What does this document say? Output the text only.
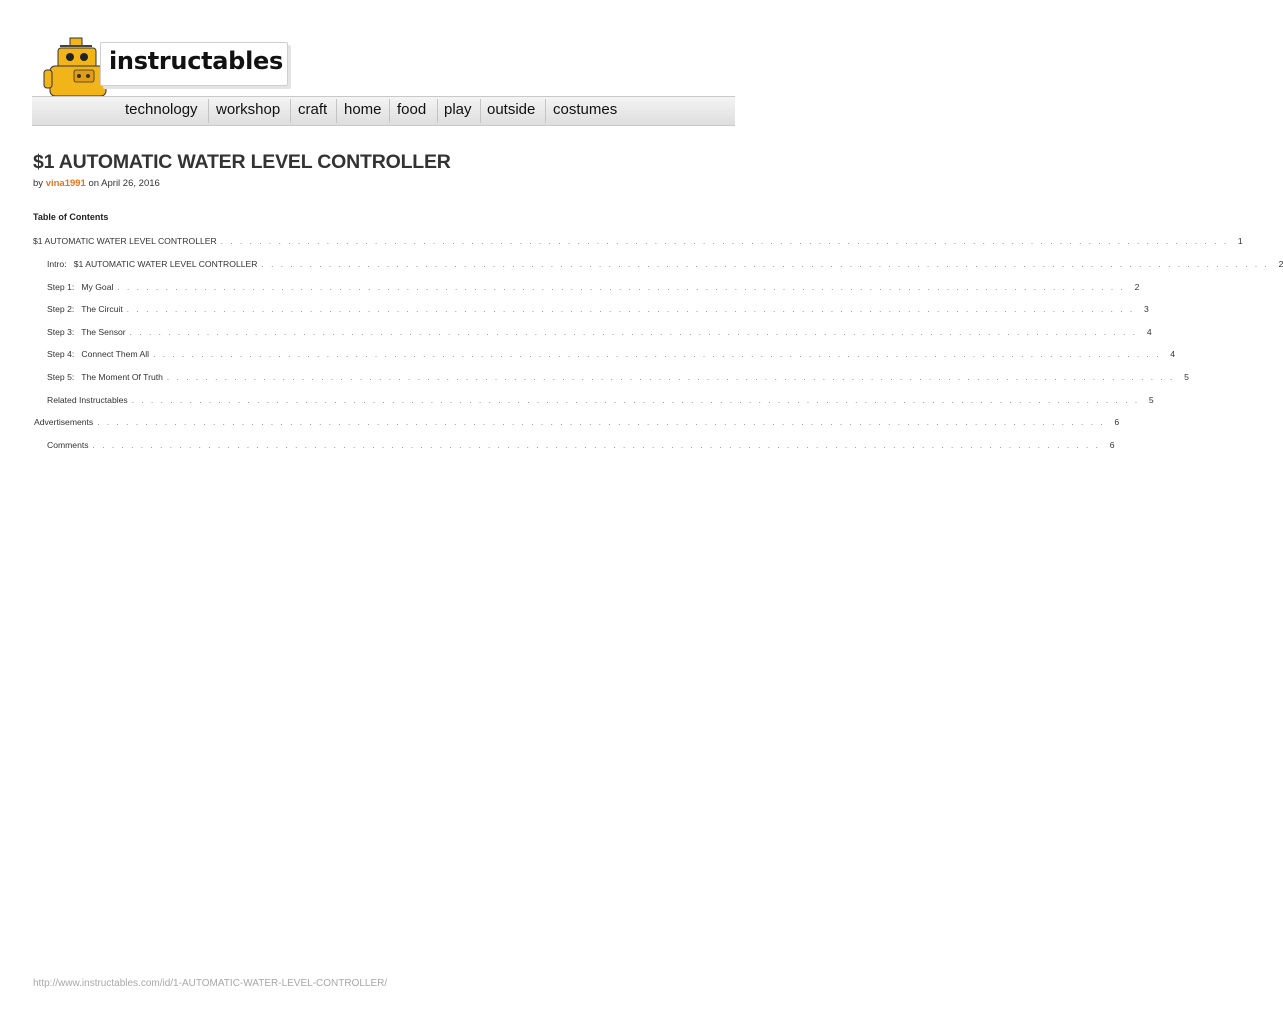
instructables
technology workshop craft home food play outside costumes
$1 AUTOMATIC WATER LEVEL CONTROLLER
by vina1991 on April 26, 2016
Table of Contents
$1 AUTOMATIC WATER LEVEL CONTROLLER . . . . . . . . . . . . . . . . . . . . . . . . . . . . . . . . . . . . . . . . . . . . . . . . . . . . . . . . . . . . . . . . . . . . . . . . . . . . . . . . . . . . . . . . . . . . . . . . . . . . . . . . .	1
Intro:   $1 AUTOMATIC WATER LEVEL CONTROLLER . . . . . . . . . . . . . . . . . . . . . . . . . . . . . . . . . . . . . . . . . . . . . . . . . . . . . . . . . . . . . . . . . . . . . . . . . . . . . . . . . . . . . . . . . . . . . . . . . . . . . . . . .	2
Step 1:   My Goal . . . . . . . . . . . . . . . . . . . . . . . . . . . . . . . . . . . . . . . . . . . . . . . . . . . . . . . . . . . . . . . . . . . . . . . . . . . . . . . . . . . . . . . . . . . . . . . . . . . . . . . . .	2
Step 2:   The Circuit . . . . . . . . . . . . . . . . . . . . . . . . . . . . . . . . . . . . . . . . . . . . . . . . . . . . . . . . . . . . . . . . . . . . . . . . . . . . . . . . . . . . . . . . . . . . . . . . . . . . . . . . .	3
Step 3:   The Sensor . . . . . . . . . . . . . . . . . . . . . . . . . . . . . . . . . . . . . . . . . . . . . . . . . . . . . . . . . . . . . . . . . . . . . . . . . . . . . . . . . . . . . . . . . . . . . . . . . . . . . . . . .	4
Step 4:   Connect Them All . . . . . . . . . . . . . . . . . . . . . . . . . . . . . . . . . . . . . . . . . . . . . . . . . . . . . . . . . . . . . . . . . . . . . . . . . . . . . . . . . . . . . . . . . . . . . . . . . . . . . . . . .	4
Step 5:   The Moment Of Truth . . . . . . . . . . . . . . . . . . . . . . . . . . . . . . . . . . . . . . . . . . . . . . . . . . . . . . . . . . . . . . . . . . . . . . . . . . . . . . . . . . . . . . . . . . . . . . . . . . . . . . . . .	5
Related Instructables . . . . . . . . . . . . . . . . . . . . . . . . . . . . . . . . . . . . . . . . . . . . . . . . . . . . . . . . . . . . . . . . . . . . . . . . . . . . . . . . . . . . . . . . . . . . . . . . . . . . . . . . .	5
Advertisements . . . . . . . . . . . . . . . . . . . . . . . . . . . . . . . . . . . . . . . . . . . . . . . . . . . . . . . . . . . . . . . . . . . . . . . . . . . . . . . . . . . . . . . . . . . . . . . . . . . . . . . . .	6
Comments . . . . . . . . . . . . . . . . . . . . . . . . . . . . . . . . . . . . . . . . . . . . . . . . . . . . . . . . . . . . . . . . . . . . . . . . . . . . . . . . . . . . . . . . . . . . . . . . . . . . . . . . .	6
http://www.instructables.com/id/1-AUTOMATIC-WATER-LEVEL-CONTROLLER/
